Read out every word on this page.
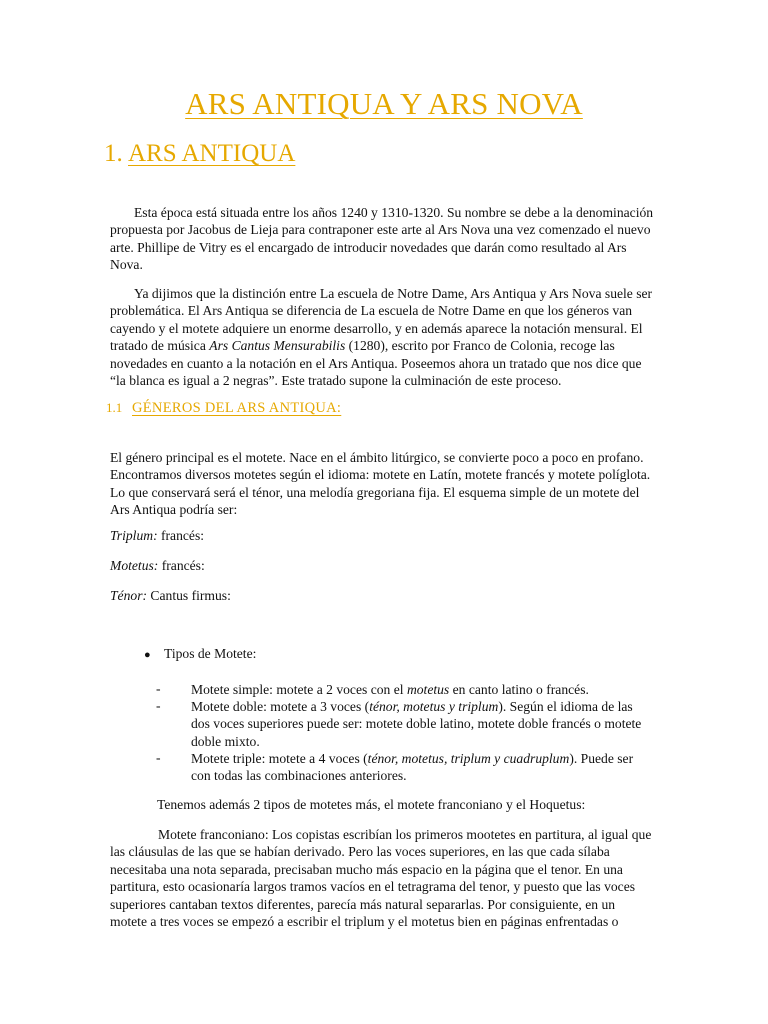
ARS ANTIQUA Y ARS NOVA
1. ARS ANTIQUA
Esta época está situada entre los años 1240 y 1310-1320. Su nombre se debe a la denominación propuesta por Jacobus de Lieja para contraponer este arte al Ars Nova una vez comenzado el nuevo arte. Phillipe de Vitry es el encargado de introducir novedades que darán como resultado al Ars Nova.
Ya dijimos que la distinción entre La escuela de Notre Dame, Ars Antiqua y Ars Nova suele ser problemática. El Ars Antiqua se diferencia de La escuela de Notre Dame en que los géneros van cayendo y el motete adquiere un enorme desarrollo, y en además aparece la notación mensural. El tratado de música Ars Cantus Mensurabilis (1280), escrito por Franco de Colonia, recoge las novedades en cuanto a la notación en el Ars Antiqua. Poseemos ahora un tratado que nos dice que “la blanca es igual a 2 negras”. Este tratado supone la culminación de este proceso.
1.1 GÉNEROS DEL ARS ANTIQUA:
El género principal es el motete. Nace en el ámbito litúrgico, se convierte poco a poco en profano. Encontramos diversos motetes según el idioma: motete en Latín, motete francés y motete políglota. Lo que conservará será el ténor, una melodía gregoriana fija. El esquema simple de un motete del Ars Antiqua podría ser:
Triplum: francés:
Motetus: francés:
Ténor: Cantus firmus:
● Tipos de Motete:
- Motete simple: motete a 2 voces con el motetus en canto latino o francés.
- Motete doble: motete a 3 voces (ténor, motetus y triplum). Según el idioma de las dos voces superiores puede ser: motete doble latino, motete doble francés o motete doble mixto.
- Motete triple: motete a 4 voces (ténor, motetus, triplum y cuadruplum). Puede ser con todas las combinaciones anteriores.
Tenemos además 2 tipos de motetes más, el motete franconiano y el Hoquetus:
Motete franconiano: Los copistas escribían los primeros mootetes en partitura, al igual que las cláusulas de las que se habían derivado. Pero las voces superiores, en las que cada sílaba necesitaba una nota separada, precisaban mucho más espacio en la página que el tenor. En una partitura, esto ocasionaría largos tramos vacíos en el tetragrama del tenor, y puesto que las voces superiores cantaban textos diferentes, parecía más natural separarlas. Por consiguiente, en un motete a tres voces se empezó a escribir el triplum y el motetus bien en páginas enfrentadas o
